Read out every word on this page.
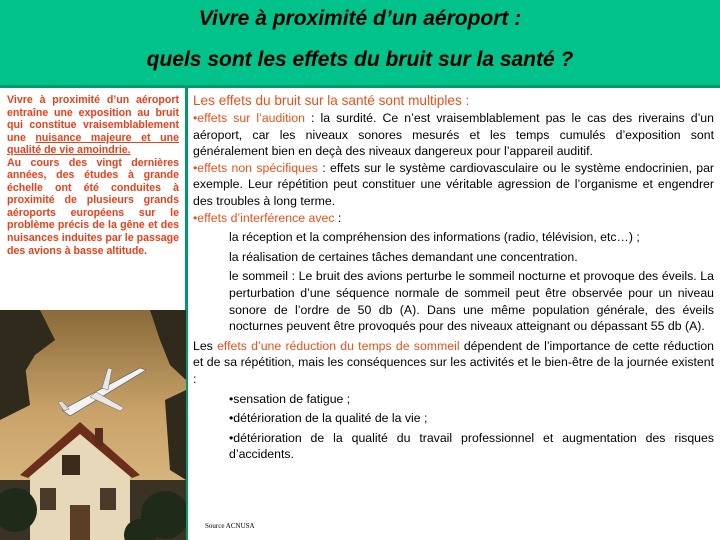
Vivre à proximité d’un aéroport :
quels sont les effets du bruit sur la santé ?

Vivre à proximité d’un aéroport entraîne une exposition au bruit qui constitue vraisemblablement une nuisance majeure et une qualité de vie amoindrie.

Au cours des vingt dernières années, des études à grande échelle ont été conduites à proximité de plusieurs grands aéroports européens sur le problème précis de la gêne et des nuisances induites par le passage des avions à basse altitude.

Les effets du bruit sur la santé sont multiples :

•effets sur l’audition : la surdité. Ce n’est vraisemblablement pas le cas des riverains d’un aéroport, car les niveaux sonores mesurés et les temps cumulés d’exposition sont généralement bien en deçà des niveaux dangereux pour l’appareil auditif.

•effets non spécifiques : effets sur le système cardiovasculaire ou le système endocrinien, par exemple. Leur répétition peut constituer une véritable agression de l’organisme et engendrer des troubles à long terme.

•effets d’interférence avec :

la réception et la compréhension des informations (radio, télévision, etc…) ;

la réalisation de certaines tâches demandant une concentration.

le sommeil : Le bruit des avions perturbe le sommeil nocturne et provoque des éveils. La perturbation d’une séquence normale de sommeil peut être observée pour un niveau sonore de l’ordre de 50 db (A). Dans une même population générale, des éveils nocturnes peuvent être provoqués pour des niveaux atteignant ou dépassant 55 db (A).

Les effets d’une réduction du temps de sommeil dépendent de l’importance de cette réduction et de sa répétition, mais les conséquences sur les activités et le bien-être de la journée existent :

•sensation de fatigue ;

•détérioration de la qualité de la vie ;

•détérioration de la qualité du travail professionnel et augmentation des risques d’accidents.

Source ACNUSA
